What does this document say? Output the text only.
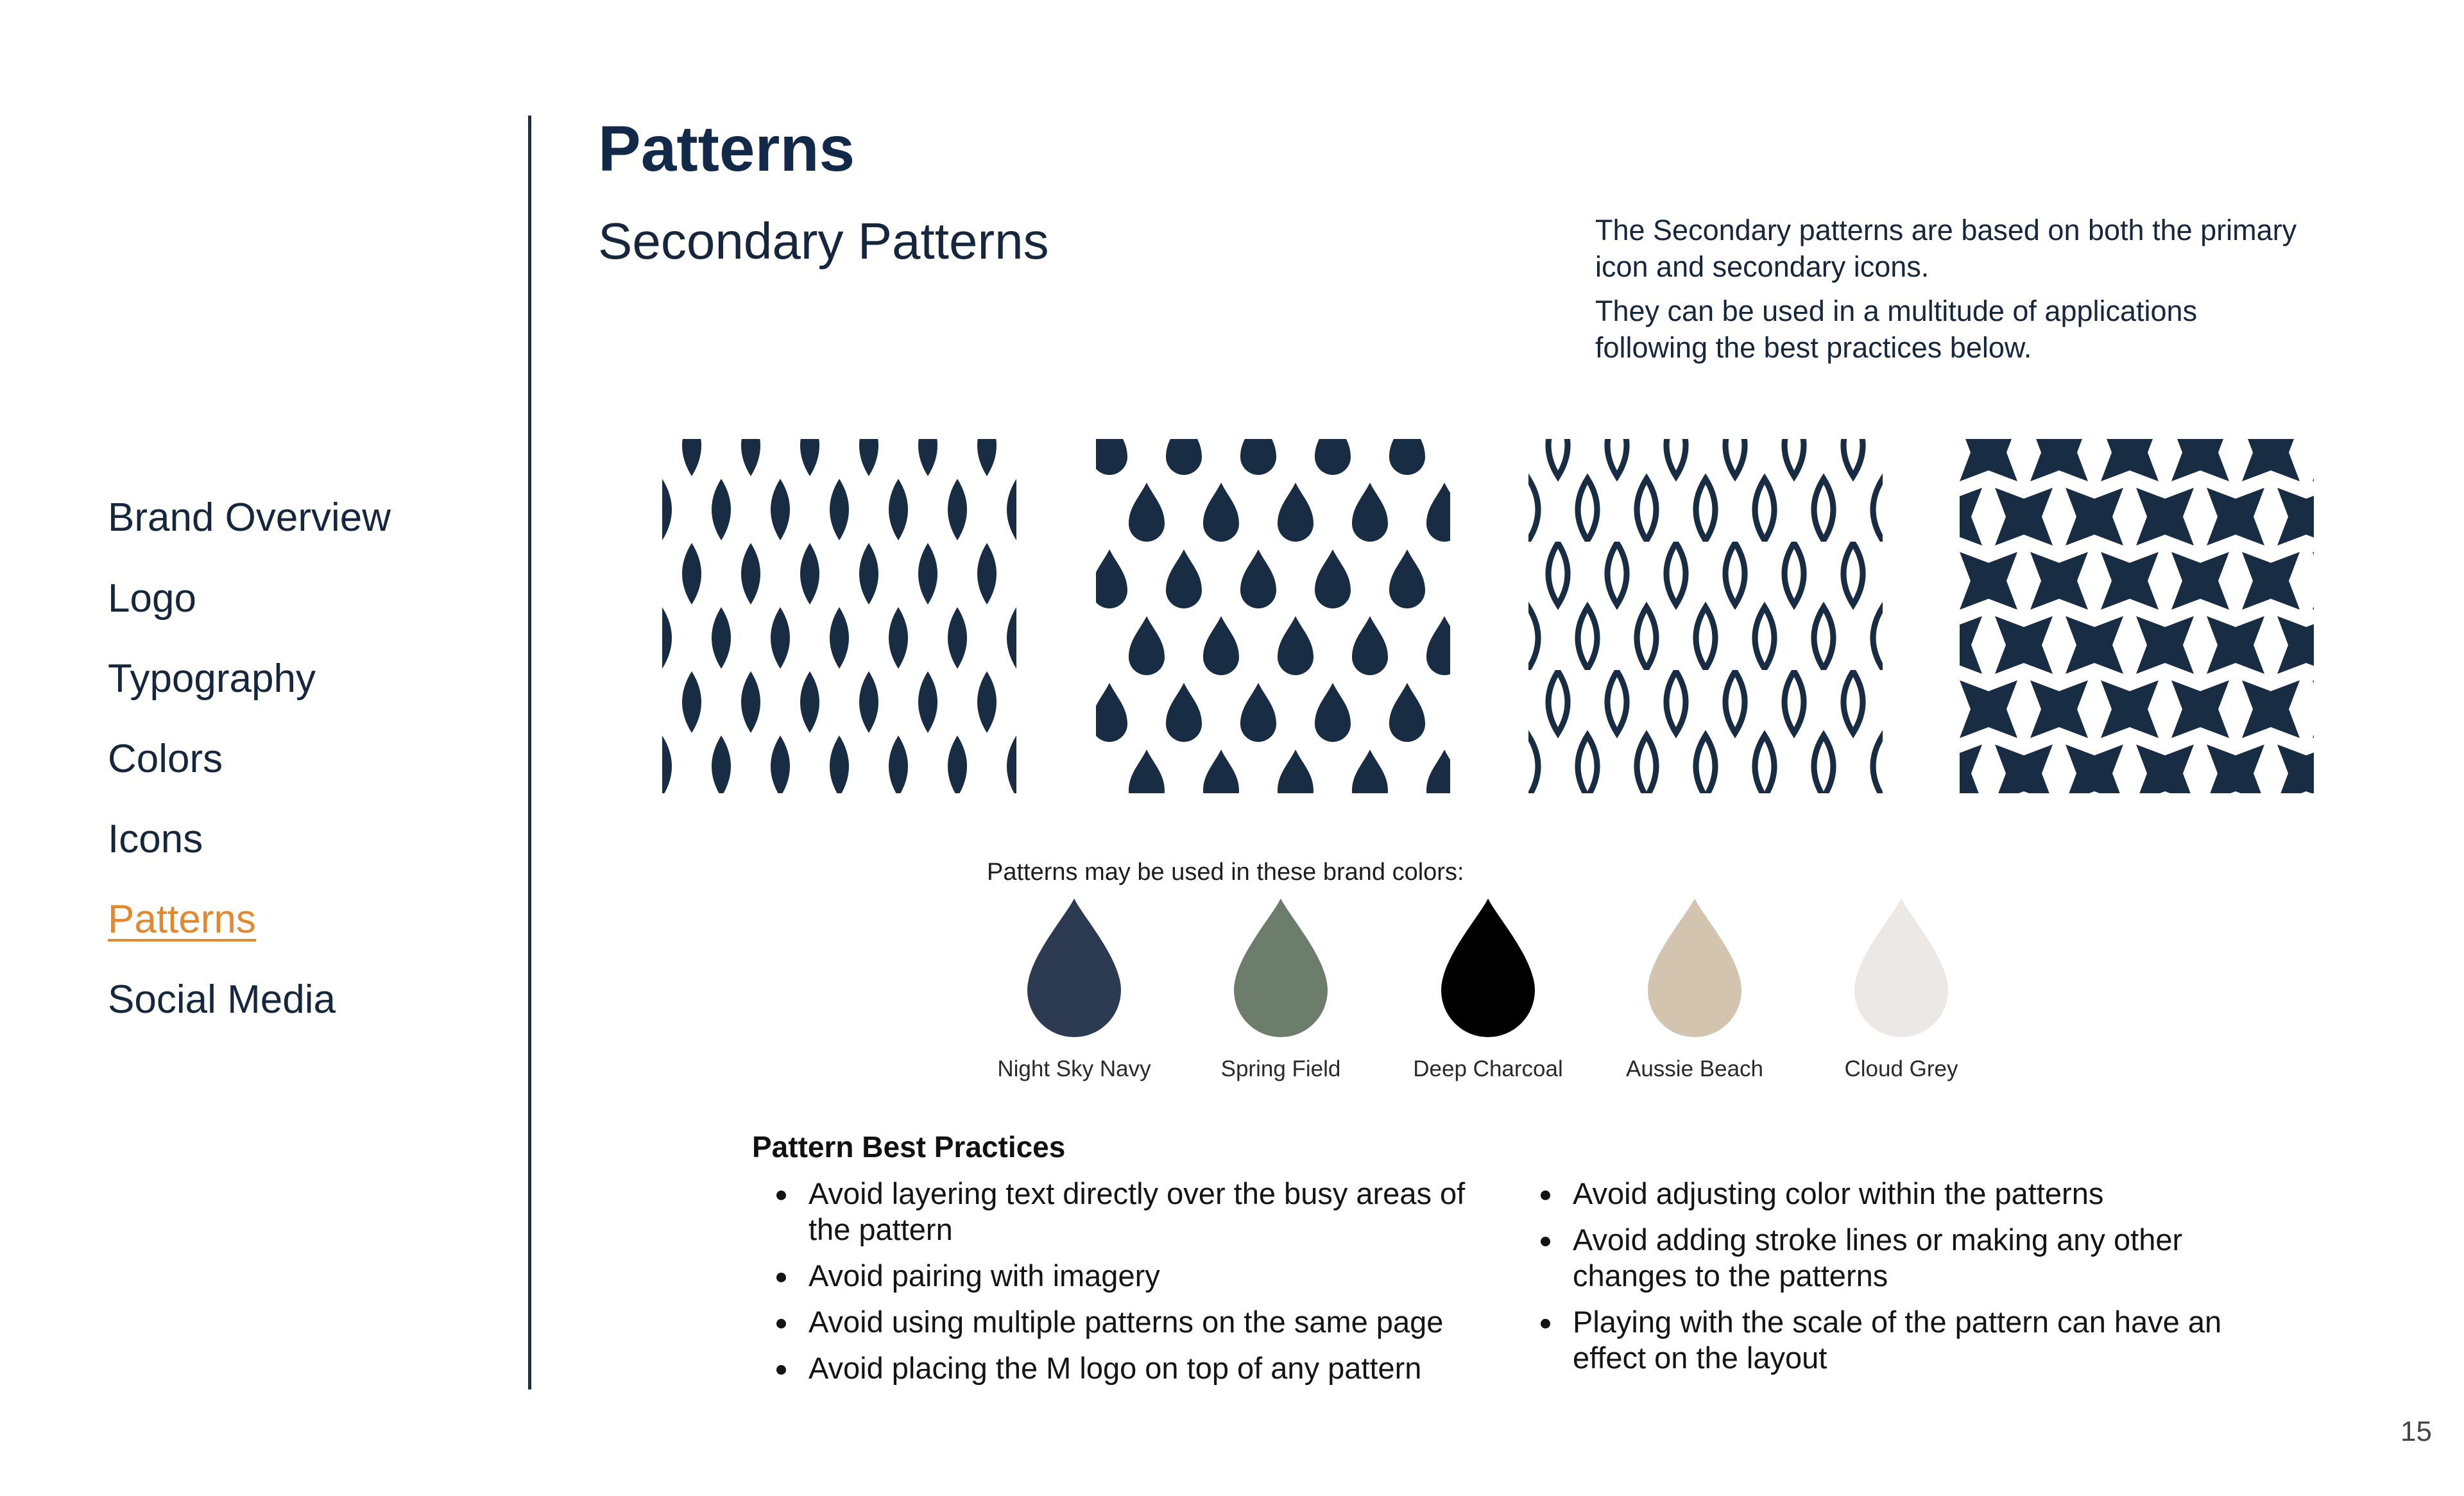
Brand Overview
Logo
Typography
Colors
Icons
Patterns
Social Media
Patterns
Secondary Patterns	The Secondary patterns are based on both the primary icon and secondary icons.

They can be used in a multitude of applications following the best practices below.

Patterns may be used in these brand colors:
Night Sky Navy	Spring Field	Deep Charcoal	Aussie Beach	Cloud Grey
Pattern Best Practices
Avoid layering text directly over the busy areas of the pattern
Avoid pairing with imagery
Avoid using multiple patterns on the same page
Avoid placing the M logo on top of any pattern
Avoid adjusting color within the patterns
Avoid adding stroke lines or making any other changes to the patterns
Playing with the scale of the pattern can have an effect on the layout
15
